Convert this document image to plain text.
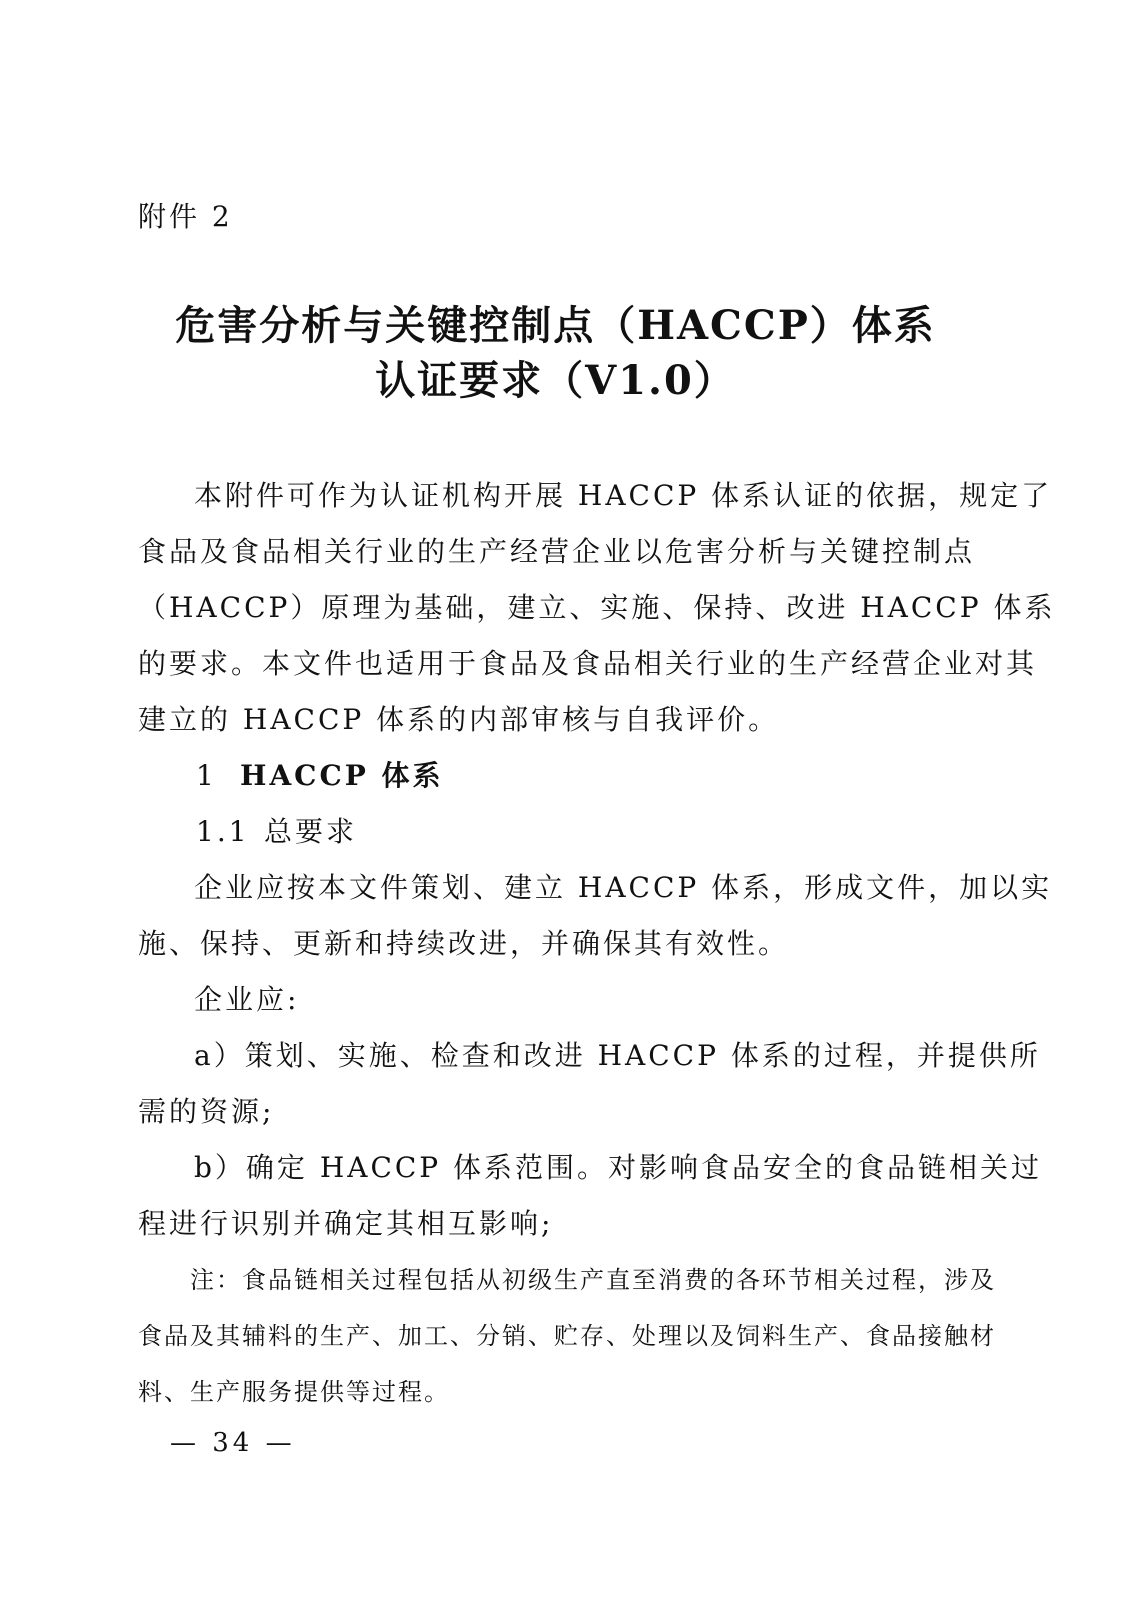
附件 2
危害分析与关键控制点（HACCP）体系
认证要求（V1.0）
本附件可作为认证机构开展 HACCP 体系认证的依据，规定了
食品及食品相关行业的生产经营企业以危害分析与关键控制点
（HACCP）原理为基础，建立、实施、保持、改进 HACCP 体系
的要求。本文件也适用于食品及食品相关行业的生产经营企业对其
建立的 HACCP 体系的内部审核与自我评价。
1 HACCP 体系
1.1 总要求
企业应按本文件策划、建立 HACCP 体系，形成文件，加以实
施、保持、更新和持续改进，并确保其有效性。
企业应:
a）策划、实施、检查和改进 HACCP 体系的过程，并提供所
需的资源;
b）确定 HACCP 体系范围。对影响食品安全的食品链相关过
程进行识别并确定其相互影响;
注：食品链相关过程包括从初级生产直至消费的各环节相关过程，涉及
食品及其辅料的生产、加工、分销、贮存、处理以及饲料生产、食品接触材
料、生产服务提供等过程。
— 34 —
